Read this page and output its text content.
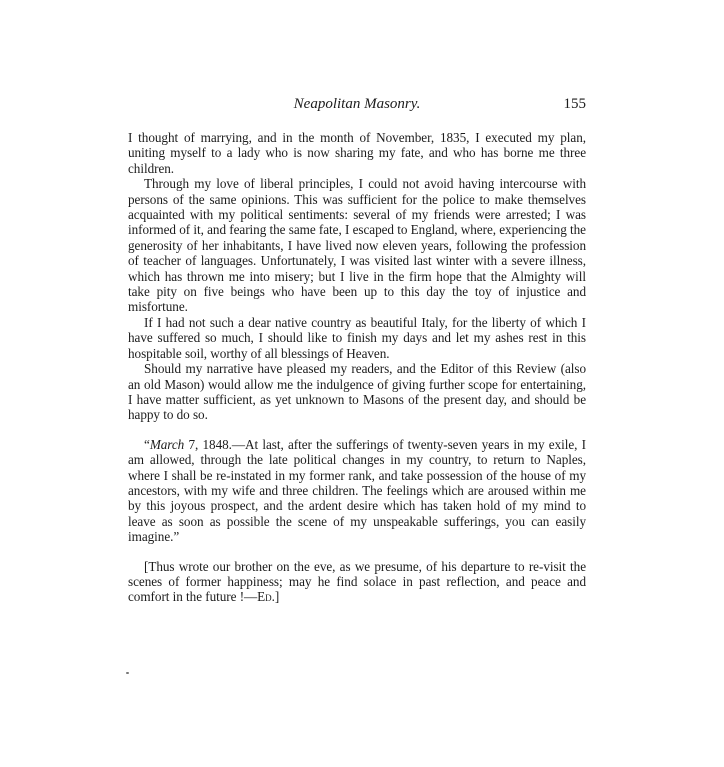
Neapolitan Masonry.	155

I thought of marrying, and in the month of November, 1835, I executed my plan, uniting myself to a lady who is now sharing my fate, and who has borne me three children.

Through my love of liberal principles, I could not avoid having intercourse with persons of the same opinions. This was sufficient for the police to make themselves acquainted with my political sentiments: several of my friends were arrested; I was informed of it, and fearing the same fate, I escaped to England, where, experiencing the generosity of her inhabitants, I have lived now eleven years, following the profession of teacher of languages. Unfortunately, I was visited last winter with a severe illness, which has thrown me into misery; but I live in the firm hope that the Almighty will take pity on five beings who have been up to this day the toy of injustice and misfortune.

If I had not such a dear native country as beautiful Italy, for the liberty of which I have suffered so much, I should like to finish my days and let my ashes rest in this hospitable soil, worthy of all blessings of Heaven.

Should my narrative have pleased my readers, and the Editor of this Review (also an old Mason) would allow me the indulgence of giving further scope for entertaining, I have matter sufficient, as yet unknown to Masons of the present day, and should be happy to do so.

“March 7, 1848.—At last, after the sufferings of twenty-seven years in my exile, I am allowed, through the late political changes in my country, to return to Naples, where I shall be re-instated in my former rank, and take possession of the house of my ancestors, with my wife and three children. The feelings which are aroused within me by this joyous prospect, and the ardent desire which has taken hold of my mind to leave as soon as possible the scene of my unspeakable sufferings, you can easily imagine.”

[Thus wrote our brother on the eve, as we presume, of his departure to re-visit the scenes of former happiness; may he find solace in past reflection, and peace and comfort in the future !—Ed.]
